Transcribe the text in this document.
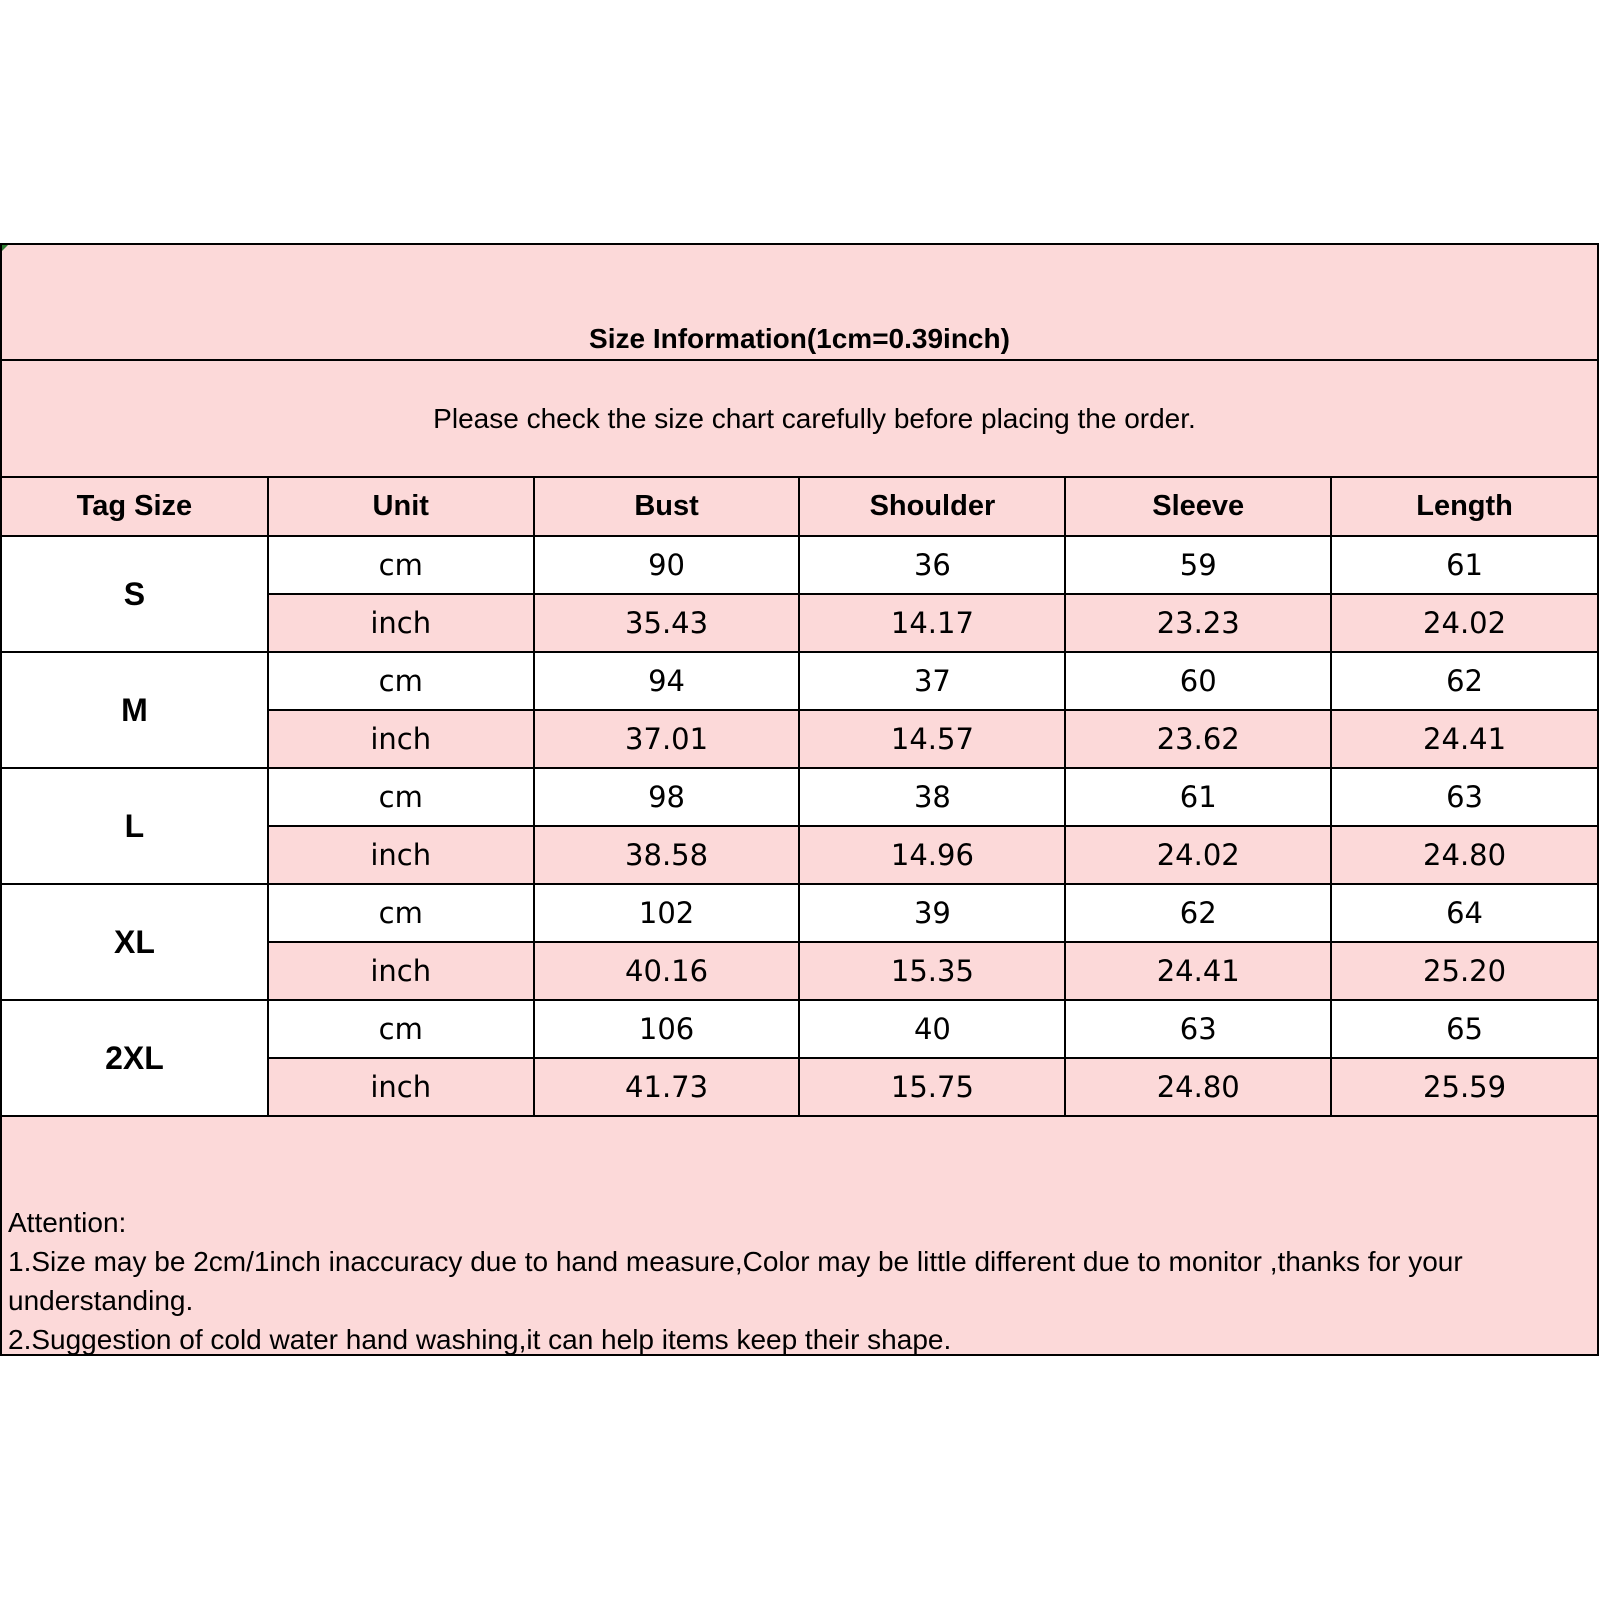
Size Information(1cm=0.39inch)
Please check the size chart carefully before placing the order.
Tag Size	Unit	Bust	Shoulder	Sleeve	Length
S	cm	90	36	59	61
	inch	35.43	14.17	23.23	24.02
M	cm	94	37	60	62
	inch	37.01	14.57	23.62	24.41
L	cm	98	38	61	63
	inch	38.58	14.96	24.02	24.80
XL	cm	102	39	62	64
	inch	40.16	15.35	24.41	25.20
2XL	cm	106	40	63	65
	inch	41.73	15.75	24.80	25.59
Attention:
1.Size may be 2cm/1inch inaccuracy due to hand measure,Color may be little different due to monitor ,thanks for your understanding.
2.Suggestion of cold water hand washing,it can help items keep their shape.
